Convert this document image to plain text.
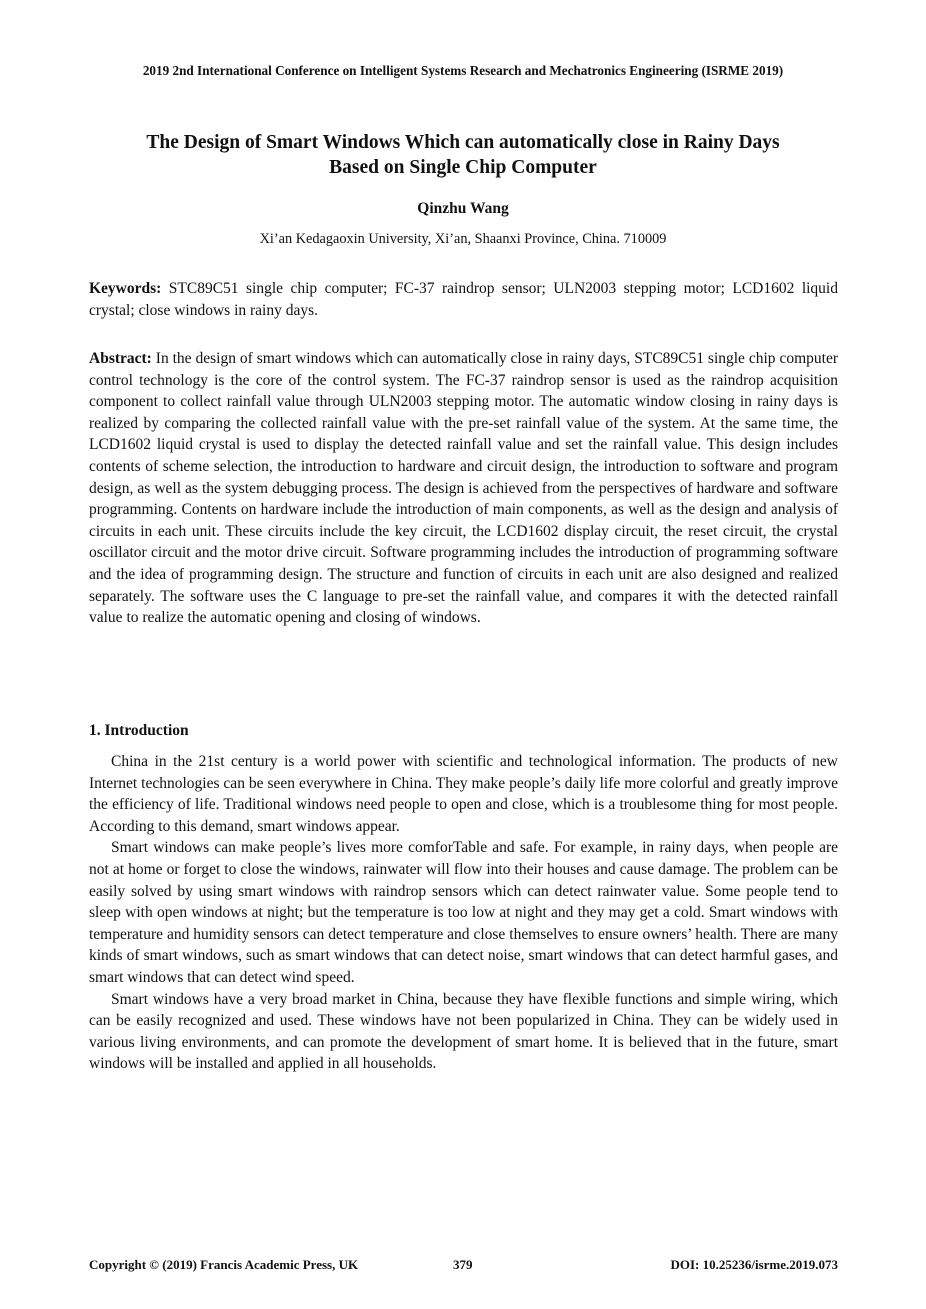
2019 2nd International Conference on Intelligent Systems Research and Mechatronics Engineering (ISRME 2019)
The Design of Smart Windows Which can automatically close in Rainy Days
Based on Single Chip Computer
Qinzhu Wang
Xi’an Kedagaoxin University, Xi’an, Shaanxi Province, China. 710009
Keywords: STC89C51 single chip computer; FC-37 raindrop sensor; ULN2003 stepping motor; LCD1602 liquid crystal; close windows in rainy days.
Abstract: In the design of smart windows which can automatically close in rainy days, STC89C51 single chip computer control technology is the core of the control system. The FC-37 raindrop sensor is used as the raindrop acquisition component to collect rainfall value through ULN2003 stepping motor. The automatic window closing in rainy days is realized by comparing the collected rainfall value with the pre-set rainfall value of the system. At the same time, the LCD1602 liquid crystal is used to display the detected rainfall value and set the rainfall value. This design includes contents of scheme selection, the introduction to hardware and circuit design, the introduction to software and program design, as well as the system debugging process. The design is achieved from the perspectives of hardware and software programming. Contents on hardware include the introduction of main components, as well as the design and analysis of circuits in each unit. These circuits include the key circuit, the LCD1602 display circuit, the reset circuit, the crystal oscillator circuit and the motor drive circuit. Software programming includes the introduction of programming software and the idea of programming design. The structure and function of circuits in each unit are also designed and realized separately. The software uses the C language to pre-set the rainfall value, and compares it with the detected rainfall value to realize the automatic opening and closing of windows.
1. Introduction

China in the 21st century is a world power with scientific and technological information. The products of new Internet technologies can be seen everywhere in China. They make people’s daily life more colorful and greatly improve the efficiency of life. Traditional windows need people to open and close, which is a troublesome thing for most people. According to this demand, smart windows appear.

Smart windows can make people’s lives more comforTable and safe. For example, in rainy days, when people are not at home or forget to close the windows, rainwater will flow into their houses and cause damage. The problem can be easily solved by using smart windows with raindrop sensors which can detect rainwater value. Some people tend to sleep with open windows at night; but the temperature is too low at night and they may get a cold. Smart windows with temperature and humidity sensors can detect temperature and close themselves to ensure owners’ health. There are many kinds of smart windows, such as smart windows that can detect noise, smart windows that can detect harmful gases, and smart windows that can detect wind speed.

Smart windows have a very broad market in China, because they have flexible functions and simple wiring, which can be easily recognized and used. These windows have not been popularized in China. They can be widely used in various living environments, and can promote the development of smart home. It is believed that in the future, smart windows will be installed and applied in all households.

Copyright © (2019) Francis Academic Press, UK	379	DOI: 10.25236/isrme.2019.073
